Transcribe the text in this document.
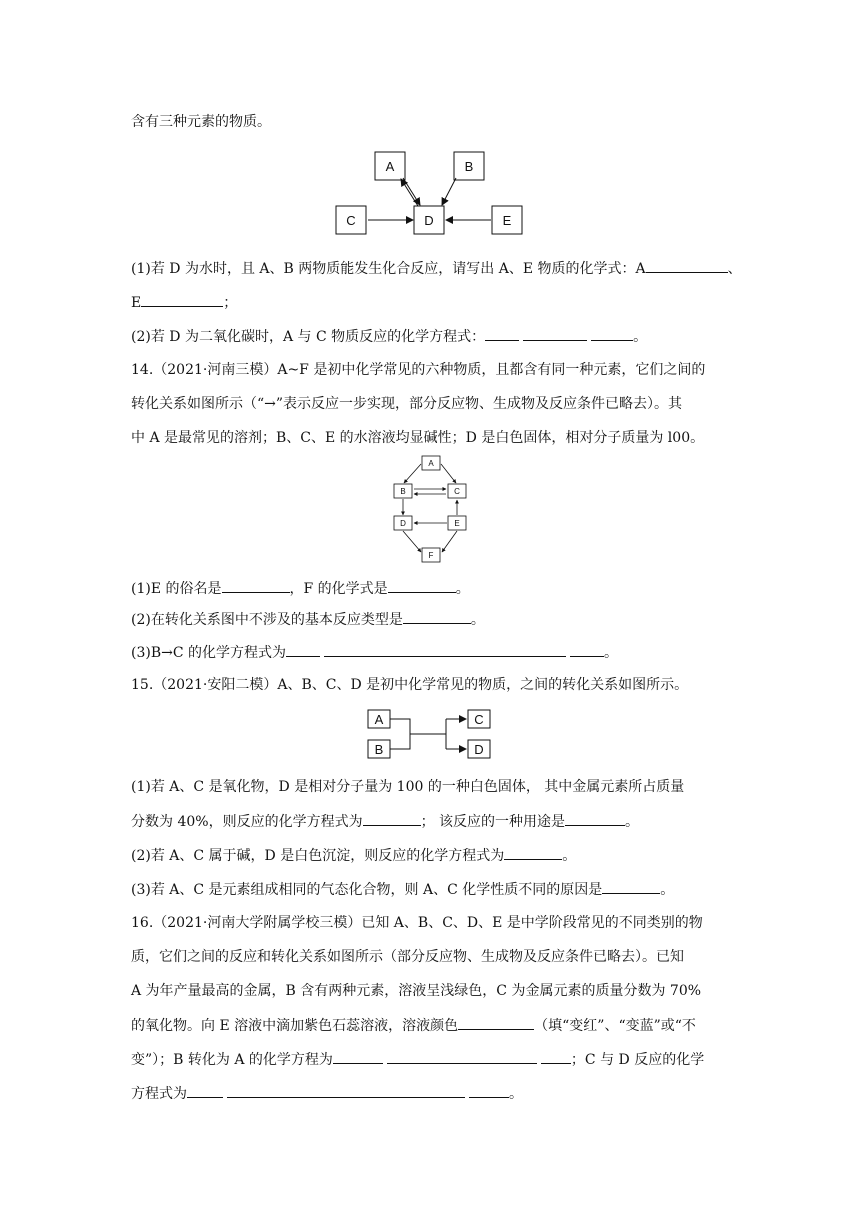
含有三种元素的物质。
A	B
C	D	E
(1)若 D 为水时，且 A、B 两物质能发生化合反应，请写出 A、E 物质的化学式：A	、
E	；
(2)若 D 为二氧化碳时，A 与 C 物质反应的化学方程式：	。
14.（2021·河南三模）A~F 是初中化学常见的六种物质，且都含有同一种元素，它们之间的
转化关系如图所示（“→”表示反应一步实现，部分反应物、生成物及反应条件已略去）。其
中 A 是最常见的溶剂；B、C、E 的水溶液均显碱性；D 是白色固体，相对分子质量为 l00。
A
B	C
D	E
F
(1)E 的俗名是	，F 的化学式是	。
(2)在转化关系图中不涉及的基本反应类型是	。
(3)B→C 的化学方程式为	。
15.（2021·安阳二模）A、B、C、D 是初中化学常见的物质，之间的转化关系如图所示。
A
B
C
D
(1)若 A、C 是氧化物，D 是相对分子量为 100 的一种白色固体， 其中金属元素所占质量
分数为 40%，则反应的化学方程式为	； 该反应的一种用途是	。
(2)若 A、C 属于碱，D 是白色沉淀，则反应的化学方程式为	。
(3)若 A、C 是元素组成相同的气态化合物，则 A、C 化学性质不同的原因是	。
16.（2021·河南大学附属学校三模）已知 A、B、C、D、E 是中学阶段常见的不同类别的物
质，它们之间的反应和转化关系如图所示（部分反应物、生成物及反应条件已略去）。已知
A 为年产量最高的金属，B 含有两种元素，溶液呈浅绿色，C 为金属元素的质量分数为 70%
的氧化物。向 E 溶液中滴加紫色石蕊溶液，溶液颜色	（填“变红”、“变蓝”或“不
变”）；B 转化为 A 的化学方程为	；C 与 D 反应的化学
方程式为	。
